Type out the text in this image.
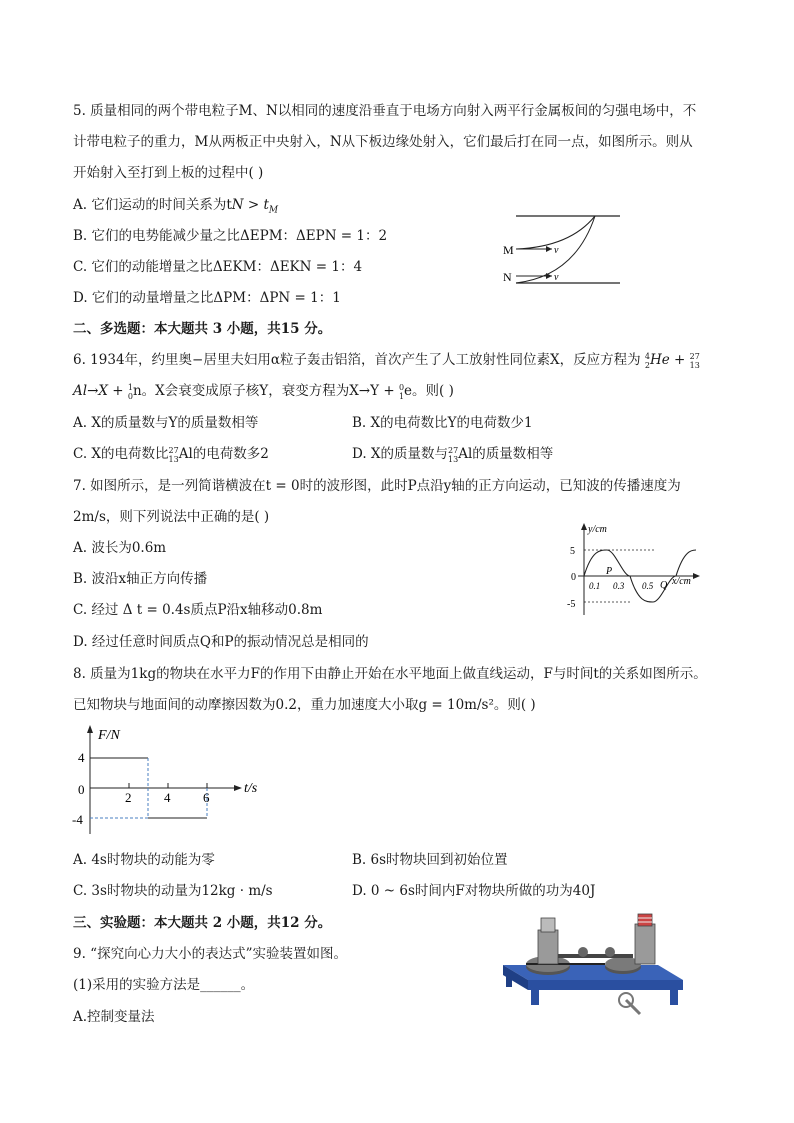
5. 质量相同的两个带电粒子M、N以相同的速度沿垂直于电场方向射入两平行金属板间的匀强电场中，不
计带电粒子的重力，M从两板正中央射入，N从下板边缘处射入，它们最后打在同一点，如图所示。则从
开始射入至打到上板的过程中( )
A. 它们运动的时间关系为tN > $t_M$
B. 它们的电势能减少量之比ΔEPM：ΔEPN = 1：2
C. 它们的动能增量之比ΔEKM：ΔEKN = 1：4
D. 它们的动量增量之比ΔPM：ΔPN = 1：1
M
N
v
v
二、多选题：本大题共 3 小题，共15 分。
6. 1934年，约里奥−居里夫妇用α粒子轰击铝箔，首次产生了人工放射性同位素X，反应方程为 4
2 He + 27
13
Al→X + 1
0 n。X会衰变成原子核Y，衰变方程为X→Y + 0
1 e。则( )
A. X的质量数与Y的质量数相等	B. X的电荷数比Y的电荷数少1
C. X的电荷数比 27
13 Al的电荷数多2	D. X的质量数与 27
13 Al的质量数相等
7. 如图所示，是一列简谐横波在t = 0时的波形图，此时P点沿y轴的正方向运动，已知波的传播速度为
2m/s，则下列说法中正确的是( )
A. 波长为0.6m
B. 波沿x轴正方向传播
C. 经过 Δ t = 0.4s质点P沿x轴移动0.8m
D. 经过任意时间质点Q和P的振动情况总是相同的
y/cm
x/cm
5
0
-5
0.1 0.3 0.5
P
Q
8. 质量为1kg的物块在水平力F的作用下由静止开始在水平地面上做直线运动，F与时间t的关系如图所示。
已知物块与地面间的动摩擦因数为0.2，重力加速度大小取g = 10m/s²。则( )
F/N
t/s
4
0
-4
2	4	6
A. 4s时物块的动能为零	B. 6s时物块回到初始位置
C. 3s时物块的动量为12kg · m/s	D. 0 ~ 6s时间内F对物块所做的功为40J
三、实验题：本大题共 2 小题，共12 分。
9. “探究向心力大小的表达式”实验装置如图。
(1)采用的实验方法是______。
A.控制变量法
